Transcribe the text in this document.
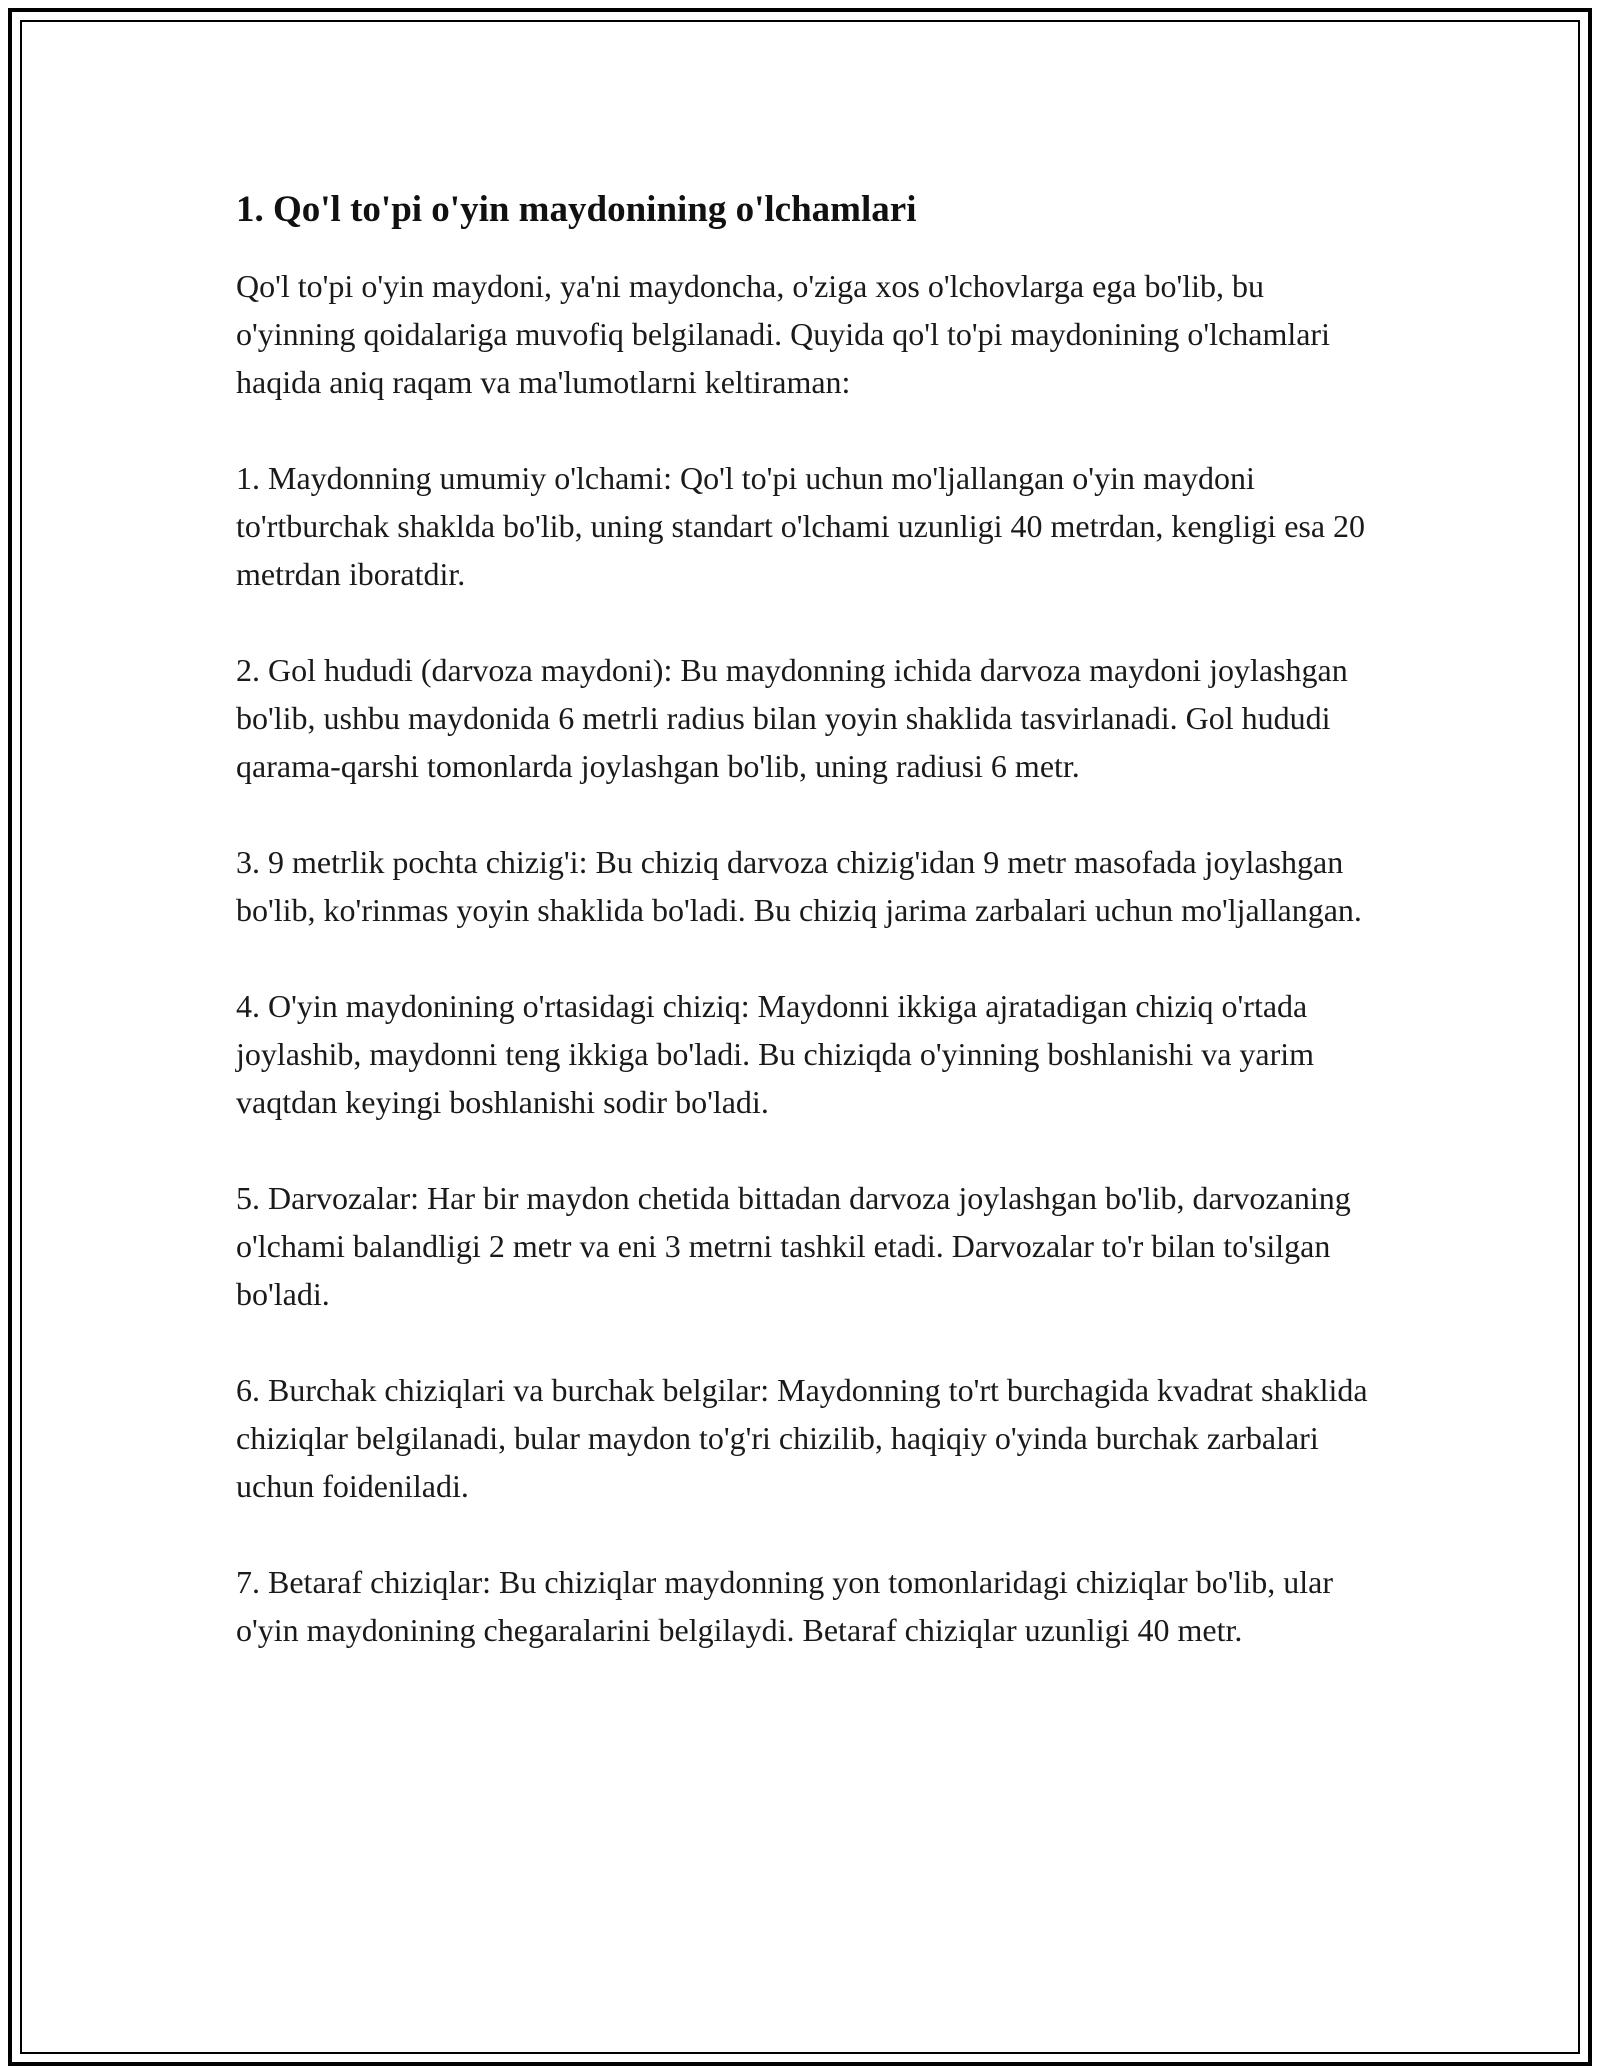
1. Qo'l to'pi o'yin maydonining o'lchamlari

Qo'l to'pi o'yin maydoni, ya'ni maydoncha, o'ziga xos o'lchovlarga ega bo'lib, bu o'yinning qoidalariga muvofiq belgilanadi. Quyida qo'l to'pi maydonining o'lchamlari haqida aniq raqam va ma'lumotlarni keltiraman:

1. Maydonning umumiy o'lchami: Qo'l to'pi uchun mo'ljallangan o'yin maydoni to'rtburchak shaklda bo'lib, uning standart o'lchami uzunligi 40 metrdan, kengligi esa 20 metrdan iboratdir.

2. Gol hududi (darvoza maydoni): Bu maydonning ichida darvoza maydoni joylashgan bo'lib, ushbu maydonida 6 metrli radius bilan yoyin shaklida tasvirlanadi. Gol hududi qarama-qarshi tomonlarda joylashgan bo'lib, uning radiusi 6 metr.

3. 9 metrlik pochta chizig'i: Bu chiziq darvoza chizig'idan 9 metr masofada joylashgan bo'lib, ko'rinmas yoyin shaklida bo'ladi. Bu chiziq jarima zarbalari uchun mo'ljallangan.

4. O'yin maydonining o'rtasidagi chiziq: Maydonni ikkiga ajratadigan chiziq o'rtada joylashib, maydonni teng ikkiga bo'ladi. Bu chiziqda o'yinning boshlanishi va yarim vaqtdan keyingi boshlanishi sodir bo'ladi.

5. Darvozalar: Har bir maydon chetida bittadan darvoza joylashgan bo'lib, darvozaning o'lchami balandligi 2 metr va eni 3 metrni tashkil etadi. Darvozalar to'r bilan to'silgan bo'ladi.

6. Burchak chiziqlari va burchak belgilar: Maydonning to'rt burchagida kvadrat shaklida chiziqlar belgilanadi, bular maydon to'g'ri chizilib, haqiqiy o'yinda burchak zarbalari uchun foideniladi.

7. Betaraf chiziqlar: Bu chiziqlar maydonning yon tomonlaridagi chiziqlar bo'lib, ular o'yin maydonining chegaralarini belgilaydi. Betaraf chiziqlar uzunligi 40 metr.
